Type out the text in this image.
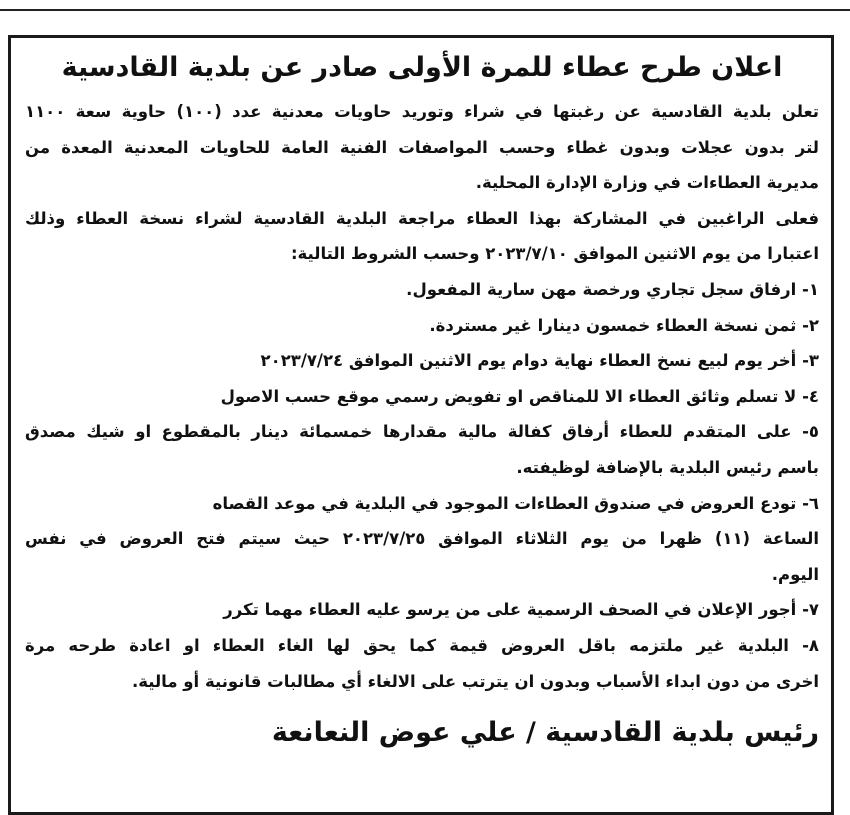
اعلان طرح عطاء للمرة الأولى صادر عن بلدية القادسية

تعلن بلدية القادسية عن رغبتها في شراء وتوريد حاويات معدنية عدد (١٠٠) حاوية سعة ١١٠٠

لتر بدون عجلات وبدون غطاء وحسب المواصفات الفنية العامة للحاويات المعدنية المعدة من

مديرية العطاءات في وزارة الإدارة المحلية.

فعلى الراغبين في المشاركة بهذا العطاء مراجعة البلدية القادسية لشراء نسخة العطاء وذلك

اعتبارا من يوم الاثنين الموافق ٢٠٢٣/٧/١٠ وحسب الشروط التالية:

١- ارفاق سجل تجاري ورخصة مهن سارية المفعول.

٢- ثمن نسخة العطاء خمسون دينارا غير مستردة.

٣- أخر يوم لبيع نسخ العطاء نهاية دوام يوم الاثنين الموافق ٢٠٢٣/٧/٢٤

٤- لا تسلم وثائق العطاء الا للمناقص او تفويض رسمي موقع حسب الاصول

٥- على المتقدم للعطاء أرفاق كفالة مالية مقدارها خمسمائة دينار بالمقطوع او شيك مصدق

باسم رئيس البلدية بالإضافة لوظيفته.

٦- تودع العروض في صندوق العطاءات الموجود في البلدية في موعد القصاه

الساعة (١١) ظهرا من يوم الثلاثاء الموافق ٢٠٢٣/٧/٢٥ حيث سيتم فتح العروض في نفس

اليوم.

٧- أجور الإعلان في الصحف الرسمية على من يرسو عليه العطاء مهما تكرر

٨- البلدية غير ملتزمه باقل العروض قيمة كما يحق لها الغاء العطاء او اعادة طرحه مرة

اخرى من دون ابداء الأسباب وبدون ان يترتب على الالغاء أي مطالبات قانونية أو مالية.

رئيس بلدية القادسية / علي عوض النعانعة
